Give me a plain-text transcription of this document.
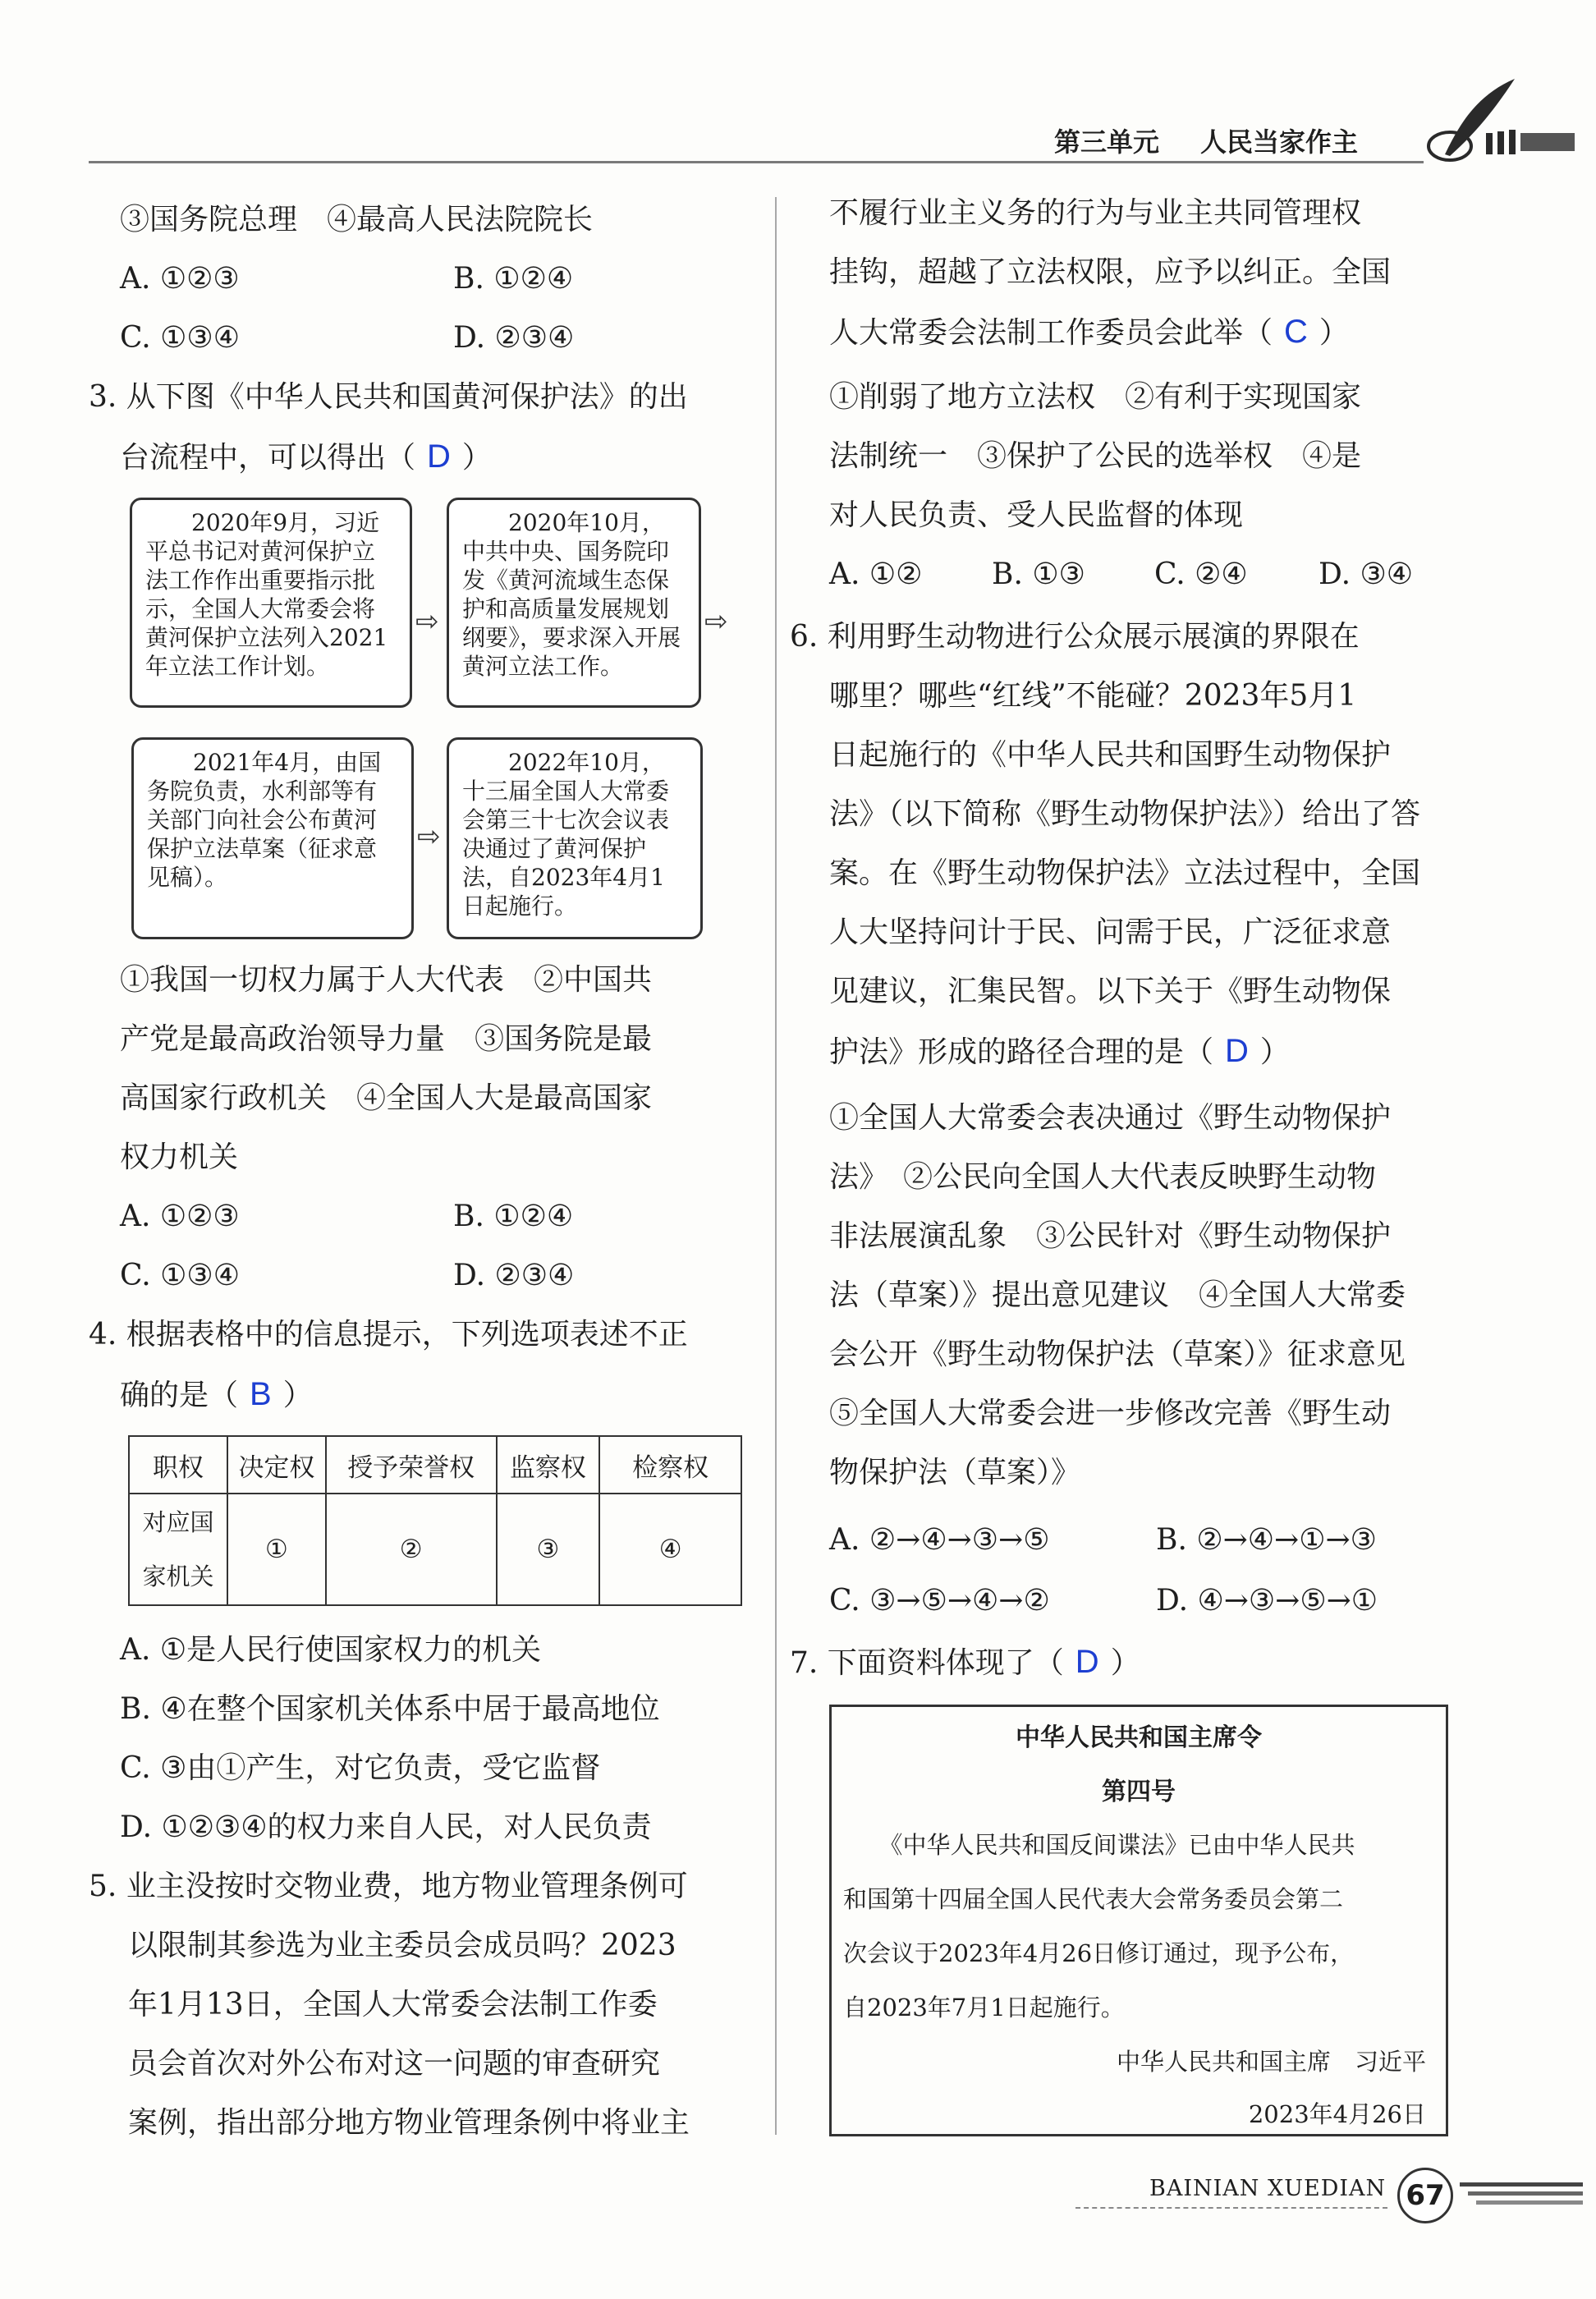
第三单元 人民当家作主
③国务院总理　④最高人民法院院长
A. ①②③	B. ①②④
C. ①③④	D. ②③④
3. 从下图《中华人民共和国黄河保护法》的出
台流程中，可以得出（ D ）
　　2020年9月，习近平总书记对黄河保护立法工作作出重要指示批示，全国人大常委会将黄河保护立法列入2021年立法工作计划。
⇨
　　2020年10月，中共中央、国务院印发《黄河流域生态保护和高质量发展规划纲要》，要求深入开展黄河立法工作。
⇨
　　2021年4月，由国务院负责，水利部等有关部门向社会公布黄河保护立法草案（征求意见稿）。
⇨
　　2022年10月，十三届全国人大常委会第三十七次会议表决通过了黄河保护法，自2023年4月1日起施行。
①我国一切权力属于人大代表　②中国共
产党是最高政治领导力量　③国务院是最
高国家行政机关　④全国人大是最高国家
权力机关
A. ①②③	B. ①②④
C. ①③④	D. ②③④
4. 根据表格中的信息提示，下列选项表述不正
确的是（ B ）
职权	决定权	授予荣誉权	监察权	检察权

对应国
家机关	①	②	③	④
A. ①是人民行使国家权力的机关
B. ④在整个国家机关体系中居于最高地位
C. ③由①产生，对它负责，受它监督
D. ①②③④的权力来自人民，对人民负责
5. 业主没按时交物业费，地方物业管理条例可
以限制其参选为业主委员会成员吗？2023
年1月13日，全国人大常委会法制工作委
员会首次对外公布对这一问题的审查研究
案例，指出部分地方物业管理条例中将业主
不履行业主义务的行为与业主共同管理权
挂钩，超越了立法权限，应予以纠正。全国
人大常委会法制工作委员会此举（ C ）
①削弱了地方立法权　②有利于实现国家
法制统一　③保护了公民的选举权　④是
对人民负责、受人民监督的体现
A. ①② B. ①③ C. ②④ D. ③④
6. 利用野生动物进行公众展示展演的界限在
哪里？哪些“红线”不能碰？2023年5月1
日起施行的《中华人民共和国野生动物保护
法》（以下简称《野生动物保护法》）给出了答
案。在《野生动物保护法》立法过程中，全国
人大坚持问计于民、问需于民，广泛征求意
见建议，汇集民智。以下关于《野生动物保
护法》形成的路径合理的是（ D ）
①全国人大常委会表决通过《野生动物保护
法》　②公民向全国人大代表反映野生动物
非法展演乱象　③公民针对《野生动物保护
法（草案）》提出意见建议　④全国人大常委
会公开《野生动物保护法（草案）》征求意见
⑤全国人大常委会进一步修改完善《野生动
物保护法（草案）》
A. ②→④→③→⑤	B. ②→④→①→③
C. ③→⑤→④→②	D. ④→③→⑤→①
7. 下面资料体现了（ D ）
中华人民共和国主席令
第四号
　　《中华人民共和国反间谍法》已由中华人民共
和国第十四届全国人民代表大会常务委员会第二
次会议于2023年4月26日修订通过，现予公布，
自2023年7月1日起施行。
中华人民共和国主席　习近平
2023年4月26日
BAINIAN XUEDIAN 67
